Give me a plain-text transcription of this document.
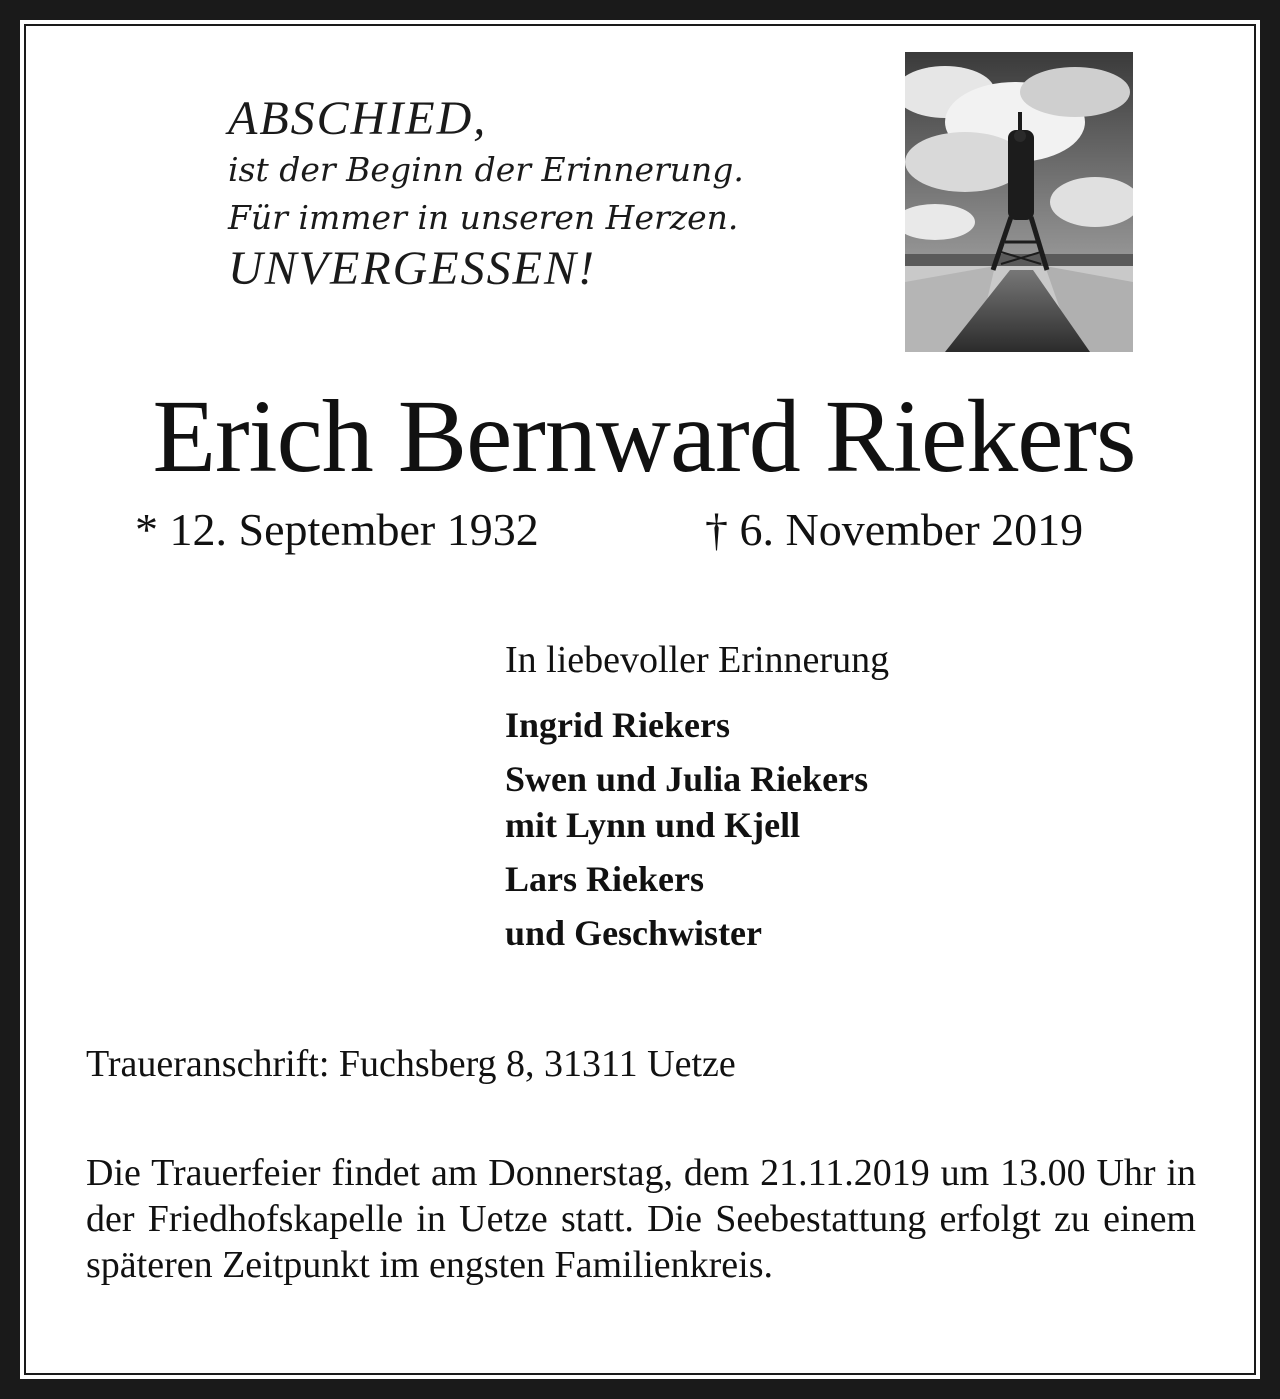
ABSCHIED,
ist der Beginn der Erinnerung.
Für immer in unseren Herzen.
UNVERGESSEN!
Erich Bernward Riekers
* 12. September 1932	† 6. November 2019
In liebevoller Erinnerung
Ingrid Riekers
Swen und Julia Riekers
mit Lynn und Kjell
Lars Riekers
und Geschwister
Traueranschrift: Fuchsberg 8, 31311 Uetze
Die Trauerfeier findet am Donnerstag, dem 21.11.2019 um 13.00 Uhr in der Friedhofskapelle in Uetze statt. Die Seebestattung erfolgt zu einem späteren Zeitpunkt im engsten Familienkreis.
